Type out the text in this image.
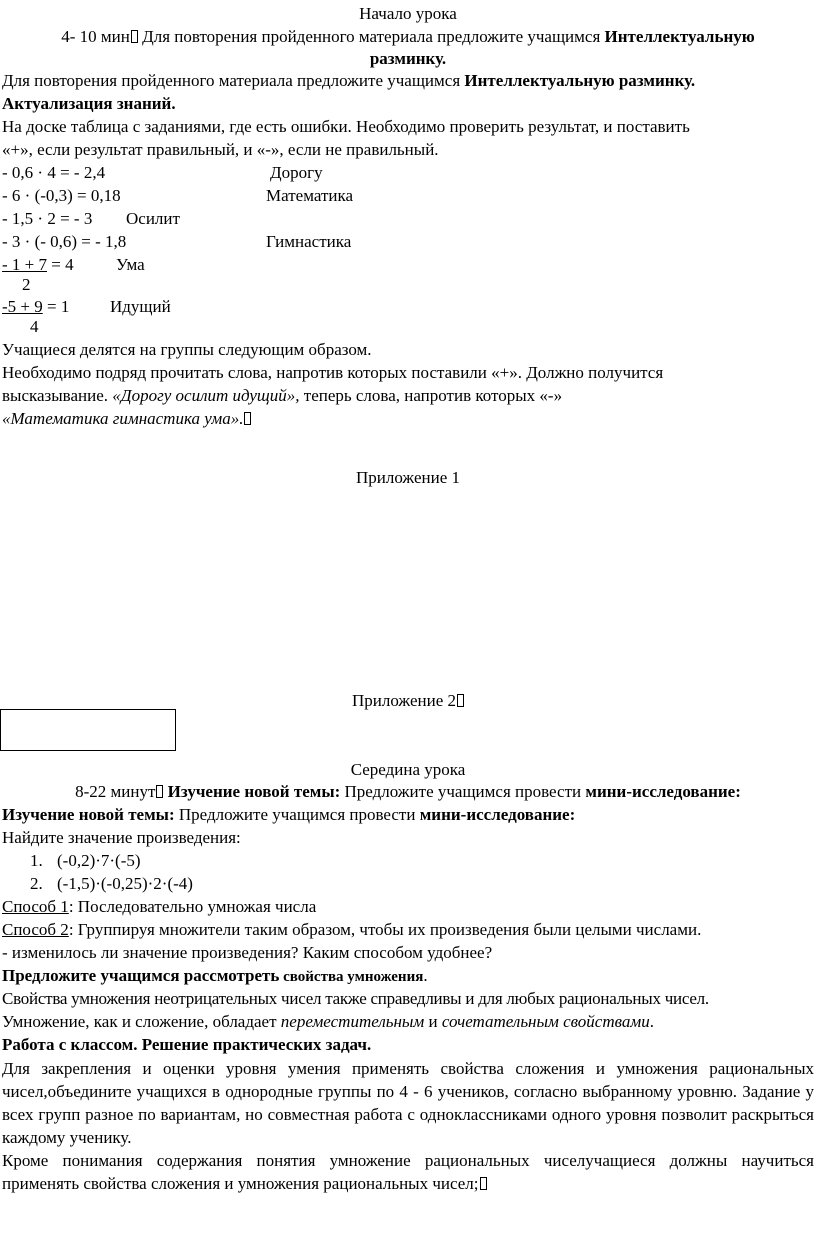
Начало урока
4- 10 мин Для повторения пройденного материала предложите учащимся Интеллектуальную
разминку.
Для повторения пройденного материала предложите учащимся Интеллектуальную разминку.
Актуализация знаний.
На доске таблица с заданиями, где есть ошибки. Необходимо проверить результат, и поставить
«+», если результат правильный, и «-», если не правильный.
- 0,6 · 4 = - 2,4	Дорогу
- 6 · (-0,3) = 0,18	Математика
- 1,5 · 2 = - 3 Осилит
- 3 · (- 0,6) = - 1,8	Гимнастика
- 1 + 7 = 4 Ума
2
-5 + 9 = 1 Идущий
4
Учащиеся делятся на группы следующим образом.
Необходимо подряд прочитать слова, напротив которых поставили «+». Должно получится
высказывание. «Дорогу осилит идущий», теперь слова, напротив которых «-»
«Математика гимнастика ума».
Приложение 1
Приложение 2
Середина урока
8-22 минут Изучение новой темы: Предложите учащимся провести мини-исследование:
Изучение новой темы: Предложите учащимся провести мини-исследование:
Найдите значение произведения:
1. (-0,2)·7·(-5)
2. (-1,5)·(-0,25)·2·(-4)
Способ 1: Последовательно умножая числа
Способ 2: Группируя множители таким образом, чтобы их произведения были целыми числами.
- изменилось ли значение произведения? Каким способом удобнее?
Предложите учащимся рассмотреть свойства умножения.
Свойства умножения неотрицательных чисел также справедливы и для любых рациональных чисел.
Умножение, как и сложение, обладает переместительным и сочетательным свойствами.
Работа с классом. Решение практических задач.
Для закрепления и оценки уровня умения применять свойства сложения и умножения рациональных чисел,объедините учащихся в однородные группы по 4 - 6 учеников, согласно выбранному уровню. Задание у всех групп разное по вариантам, но совместная работа с одноклассниками одного уровня позволит раскрыться каждому ученику.
Кроме понимания содержания понятия умножение рациональных чиселучащиеся должны научиться применять свойства сложения и умножения рациональных чисел;
